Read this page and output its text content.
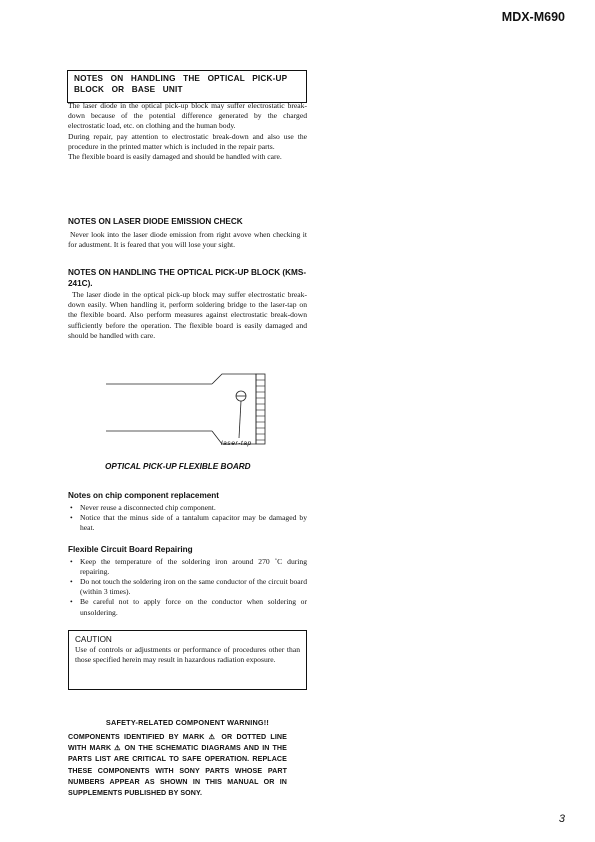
MDX-M690
NOTES ON HANDLING THE OPTICAL PICK-UP
BLOCK OR BASE UNIT

The laser diode in the optical pick-up block may suffer electrostatic break-down because of the potential difference generated by the charged electrostatic load, etc. on clothing and the human body.

During repair, pay attention to electrostatic break-down and also use the procedure in the printed matter which is included in the repair parts.

The flexible board is easily damaged and should be handled with care.

NOTES ON LASER DIODE EMISSION CHECK

Never look into the laser diode emission from right avove when checking it for adustment. It is feared that you will lose your sight.

NOTES ON HANDLING THE OPTICAL PICK-UP BLOCK (KMS-241C).

The laser diode in the optical pick-up block may suffer electrostatic break-down easily. When handling it, perform soldering bridge to the laser-tap on the flexible board. Also perform measures against electrostatic break-down sufficiently before the operation. The flexible board is easily damaged and should be handled with care.

laser-tap
OPTICAL PICK-UP FLEXIBLE BOARD

Notes on chip component replacement

• Never reuse a disconnected chip component.
• Notice that the minus side of a tantalum capacitor may be damaged by heat.

Flexible Circuit Board Repairing

• Keep the temperature of the soldering iron around 270 ˚C during repairing.
• Do not touch the soldering iron on the same conductor of the circuit board (within 3 times).
• Be careful not to apply force on the conductor when soldering or unsoldering.
CAUTION

Use of controls or adjustments or performance of procedures other than those specified herein may result in hazardous radiation exposure.

SAFETY-RELATED COMPONENT WARNING!!
COMPONENTS IDENTIFIED BY MARK ⚠ OR DOTTED LINE WITH MARK ⚠ ON THE SCHEMATIC DIAGRAMS AND IN THE PARTS LIST ARE CRITICAL TO SAFE OPERATION. REPLACE THESE COMPONENTS WITH SONY PARTS WHOSE PART NUMBERS APPEAR AS SHOWN IN THIS MANUAL OR IN SUPPLEMENTS PUBLISHED BY SONY.
3
